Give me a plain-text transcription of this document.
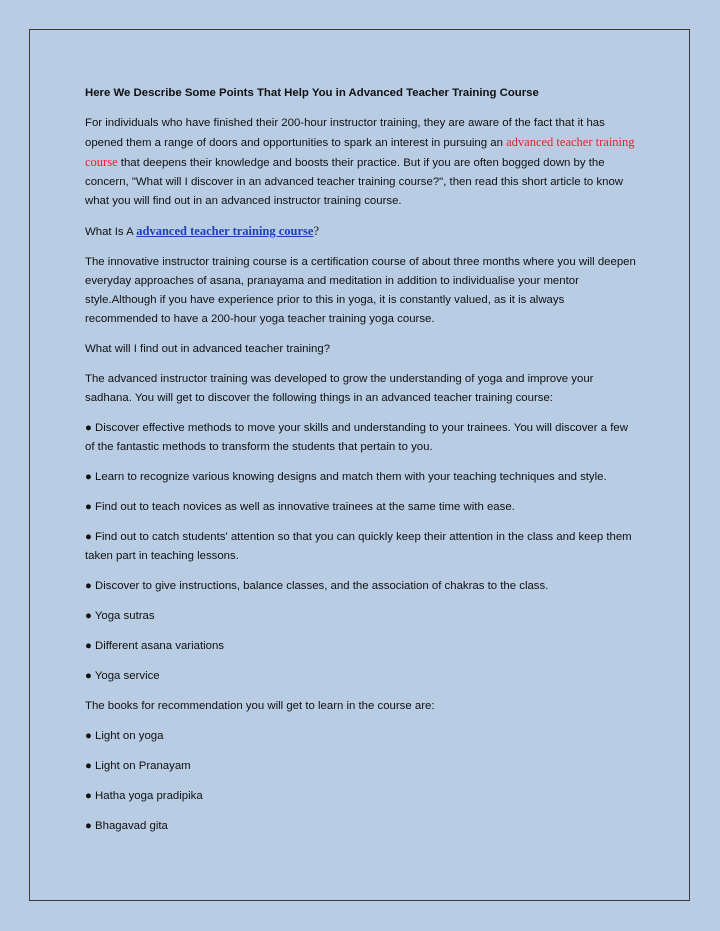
Here We Describe Some Points That Help You in Advanced Teacher Training Course

For individuals who have finished their 200-hour instructor training, they are aware of the fact that it has opened them a range of doors and opportunities to spark an interest in pursuing an advanced teacher training course that deepens their knowledge and boosts their practice. But if you are often bogged down by the concern, "What will I discover in an advanced teacher training course?", then read this short article to know what you will find out in an advanced instructor training course.

What Is A advanced teacher training course?

The innovative instructor training course is a certification course of about three months where you will deepen everyday approaches of asana, pranayama and meditation in addition to individualise your mentor style.Although if you have experience prior to this in yoga, it is constantly valued, as it is always recommended to have a 200-hour yoga teacher training yoga course.

What will I find out in advanced teacher training?

The advanced instructor training was developed to grow the understanding of yoga and improve your sadhana. You will get to discover the following things in an advanced teacher training course:

● Discover effective methods to move your skills and understanding to your trainees. You will discover a few of the fantastic methods to transform the students that pertain to you.

● Learn to recognize various knowing designs and match them with your teaching techniques and style.

● Find out to teach novices as well as innovative trainees at the same time with ease.

● Find out to catch students' attention so that you can quickly keep their attention in the class and keep them taken part in teaching lessons.

● Discover to give instructions, balance classes, and the association of chakras to the class.

● Yoga sutras

● Different asana variations

● Yoga service

The books for recommendation you will get to learn in the course are:

● Light on yoga

● Light on Pranayam

● Hatha yoga pradipika

● Bhagavad gita
